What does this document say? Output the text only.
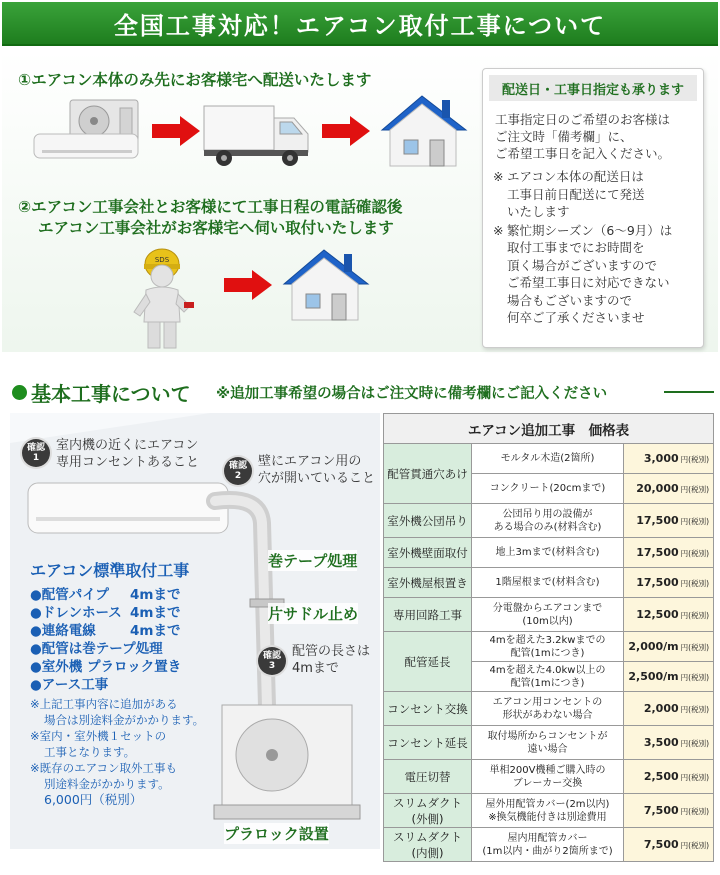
全国工事対応！エアコン取付工事について
①エアコン本体のみ先にお客様宅へ配送いたします
②エアコン工事会社とお客様にて工事日程の電話確認後
エアコン工事会社がお客様宅へ伺い取付いたします
SDS
配送日・工事日指定も承ります
工事指定日のご希望のお客様は
ご注文時「備考欄」に、
ご希望工事日を記入ください。
※ エアコン本体の配送日は
工事日前日配送にて発送
いたします
※ 繁忙期シーズン（6～9月）は
取付工事までにお時間を
頂く場合がございますので
ご希望工事日に対応できない
場合もございますので
何卒ご了承くださいませ
基本工事について ※追加工事希望の場合はご注文時に備考欄にご記入ください
確認
1
室内機の近くにエアコン
専用コンセントあること	確認
2
壁にエアコン用の
穴が開いていること
確認
3
配管の長さは
4mまで
巻テープ処理
片サドル止め
プラロック設置
エアコン標準取付工事
●配管パイプ	4mまで
●ドレンホース 4mまで
●連絡電線	4mまで
●配管は巻テープ処理
●室外機 プラロック置き
●アース工事
※上記工事内容に追加がある
場合は別途料金がかかります。
※室内・室外機１セットの
工事となります。
※既存のエアコン取外工事も
別途料金がかかります。
6,000円（税別）
エアコン追加工事　価格表		
配管貫通穴あけ	モルタル木造(2箇所)	3,000 円(税別)

	コンクリート(20cmまで)	20,000 円(税別)
室外機公団吊り	公団吊り用の設備が
ある場合のみ(材料含む)	17,500 円(税別)
室外機壁面取付	地上3mまで(材料含む)	17,500 円(税別)
室外機屋根置き	1階屋根まで(材料含む)	17,500 円(税別)
専用回路工事	分電盤からエアコンまで
(10m以内)	12,500 円(税別)
配管延長	4mを超えた3.2kwまでの
配管(1mにつき)	2,000/m 円(税別)

	4mを超えた4.0kw以上の
配管(1mにつき)	2,500/m 円(税別)
コンセント交換	エアコン用コンセントの
形状があわない場合	2,000 円(税別)
コンセント延長	取付場所からコンセントが
遠い場合	3,500 円(税別)
電圧切替	単相200V機種ご購入時の
ブレーカー交換	2,500 円(税別)
スリムダクト
(外側)	屋外用配管カバー(2m以内)
※換気機能付きは別途費用	7,500 円(税別)
スリムダクト
(内側)	屋内用配管カバー
(1m以内・曲がり2箇所まで)	7,500 円(税別)
